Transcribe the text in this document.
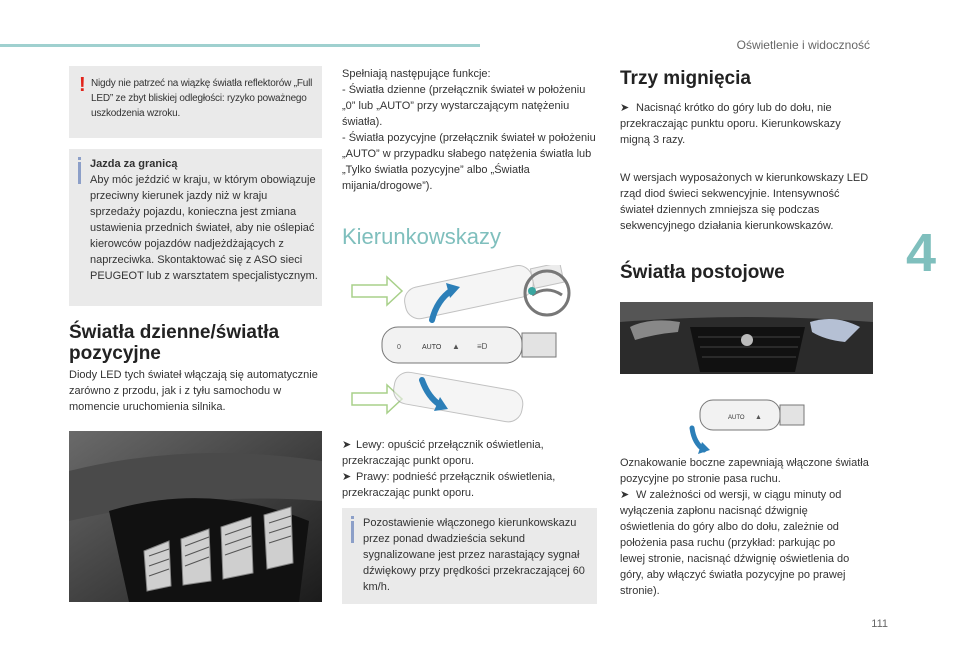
Oświetlenie i widoczność
4
111
! Nigdy nie patrzeć na wiązkę światła reflektorów „Full LED” ze zbyt bliskiej odległości: ryzyko poważnego uszkodzenia wzroku.
Jazda za granicą
Aby móc jeździć w kraju, w którym obowiązuje przeciwny kierunek jazdy niż w kraju sprzedaży pojazdu, konieczna jest zmiana ustawienia przednich świateł, aby nie oślepiać kierowców pojazdów nadjeżdżających z naprzeciwka. Skontaktować się z ASO sieci PEUGEOT lub z warsztatem specjalistycznym.
Światła dzienne/światła
pozycyjne
Diody LED tych świateł włączają się automatycznie zarówno z przodu, jak i z tyłu samochodu w momencie uruchomienia silnika.
Spełniają następujące funkcje:
- Światła dzienne (przełącznik świateł w położeniu „0” lub „AUTO” przy wystarczającym natężeniu światła).
- Światła pozycyjne (przełącznik świateł w położeniu „AUTO” w przypadku słabego natężenia światła lub „Tylko światła pozycyjne” albo „Światła mijania/drogowe”).
Kierunkowskazy
AUTO
0	▲ ≡D
➤ Lewy: opuścić przełącznik oświetlenia, przekraczając punkt oporu.
➤ Prawy: podnieść przełącznik oświetlenia, przekraczając punkt oporu.
Pozostawienie włączonego kierunkowskazu przez ponad dwadzieścia sekund sygnalizowane jest przez narastający sygnał dźwiękowy przy prędkości przekraczającej 60 km/h.
Trzy mignięcia
➤ Nacisnąć krótko do góry lub do dołu, nie przekraczając punktu oporu. Kierunkowskazy migną 3 razy.
W wersjach wyposażonych w kierunkowskazy LED rząd diod świeci sekwencyjnie. Intensywność świateł dziennych zmniejsza się podczas sekwencyjnego działania kierunkowskazów.
Światła postojowe
AUTO ▲
Oznakowanie boczne zapewniają włączone światła pozycyjne po stronie pasa ruchu.
➤ W zależności od wersji, w ciągu minuty od wyłączenia zapłonu nacisnąć dźwignię oświetlenia do góry albo do dołu, zależnie od położenia pasa ruchu (przykład: parkując po lewej stronie, nacisnąć dźwignię oświetlenia do góry, aby włączyć światła pozycyjne po prawej stronie).
